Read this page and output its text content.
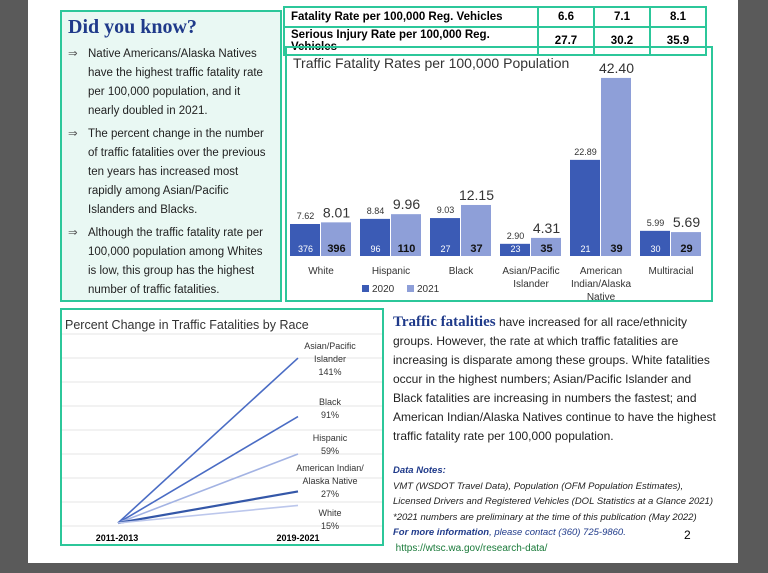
Did you know?
⇒ Native Americans/Alaska Natives have the highest traffic fatality rate per 100,000 population, and it nearly doubled in 2021.
⇒ The percent change in the number of traffic fatalities over the previous ten years has increased most rapidly among Asian/Pacific Islanders and Blacks.
⇒ Although the traffic fatality rate per 100,000 population among Whites is low, this group has the highest number of traffic fatalities.
Fatality Rate per 100,000 Reg. Vehicles	6.6	7.1	8.1
Serious Injury Rate per 100,000 Reg. Vehicles	27.7	30.2	35.9
Traffic Fatality Rates per 100,000 Population
7.62
376
8.01
396
White
8.84
96
9.96
110
Hispanic
9.03
27
12.15
37
Black
2.90
23
4.31
35
Asian/Pacific
Islander
22.89
21
42.40
39
American
Indian/Alaska
Native
5.99
30
5.69
29
Multiracial
2020 2021
Percent Change in Traffic Fatalities by Race
Asian/Pacific
Islander
141%
Black
91%
Hispanic
59%
American Indian/
Alaska Native
27%
White
15%
2011-2013	2019-2021
Traffic fatalities have increased for all race/ethnicity groups. However, the rate at which traffic fatalities are increasing is disparate among these groups. White fatalities occur in the highest numbers; Asian/Pacific Islander and Black fatalities are increasing in numbers the fastest; and American Indian/Alaska Natives continue to have the highest traffic fatality rate per 100,000 population.
Data Notes:
VMT (WSDOT Travel Data), Population (OFM Population Estimates),
Licensed Drivers and Registered Vehicles (DOL Statistics at a Glance 2021)
*2021 numbers are preliminary at the time of this publication (May 2022)
For more information, please contact (360) 725-9860.
https://wtsc.wa.gov/research-data/
2
